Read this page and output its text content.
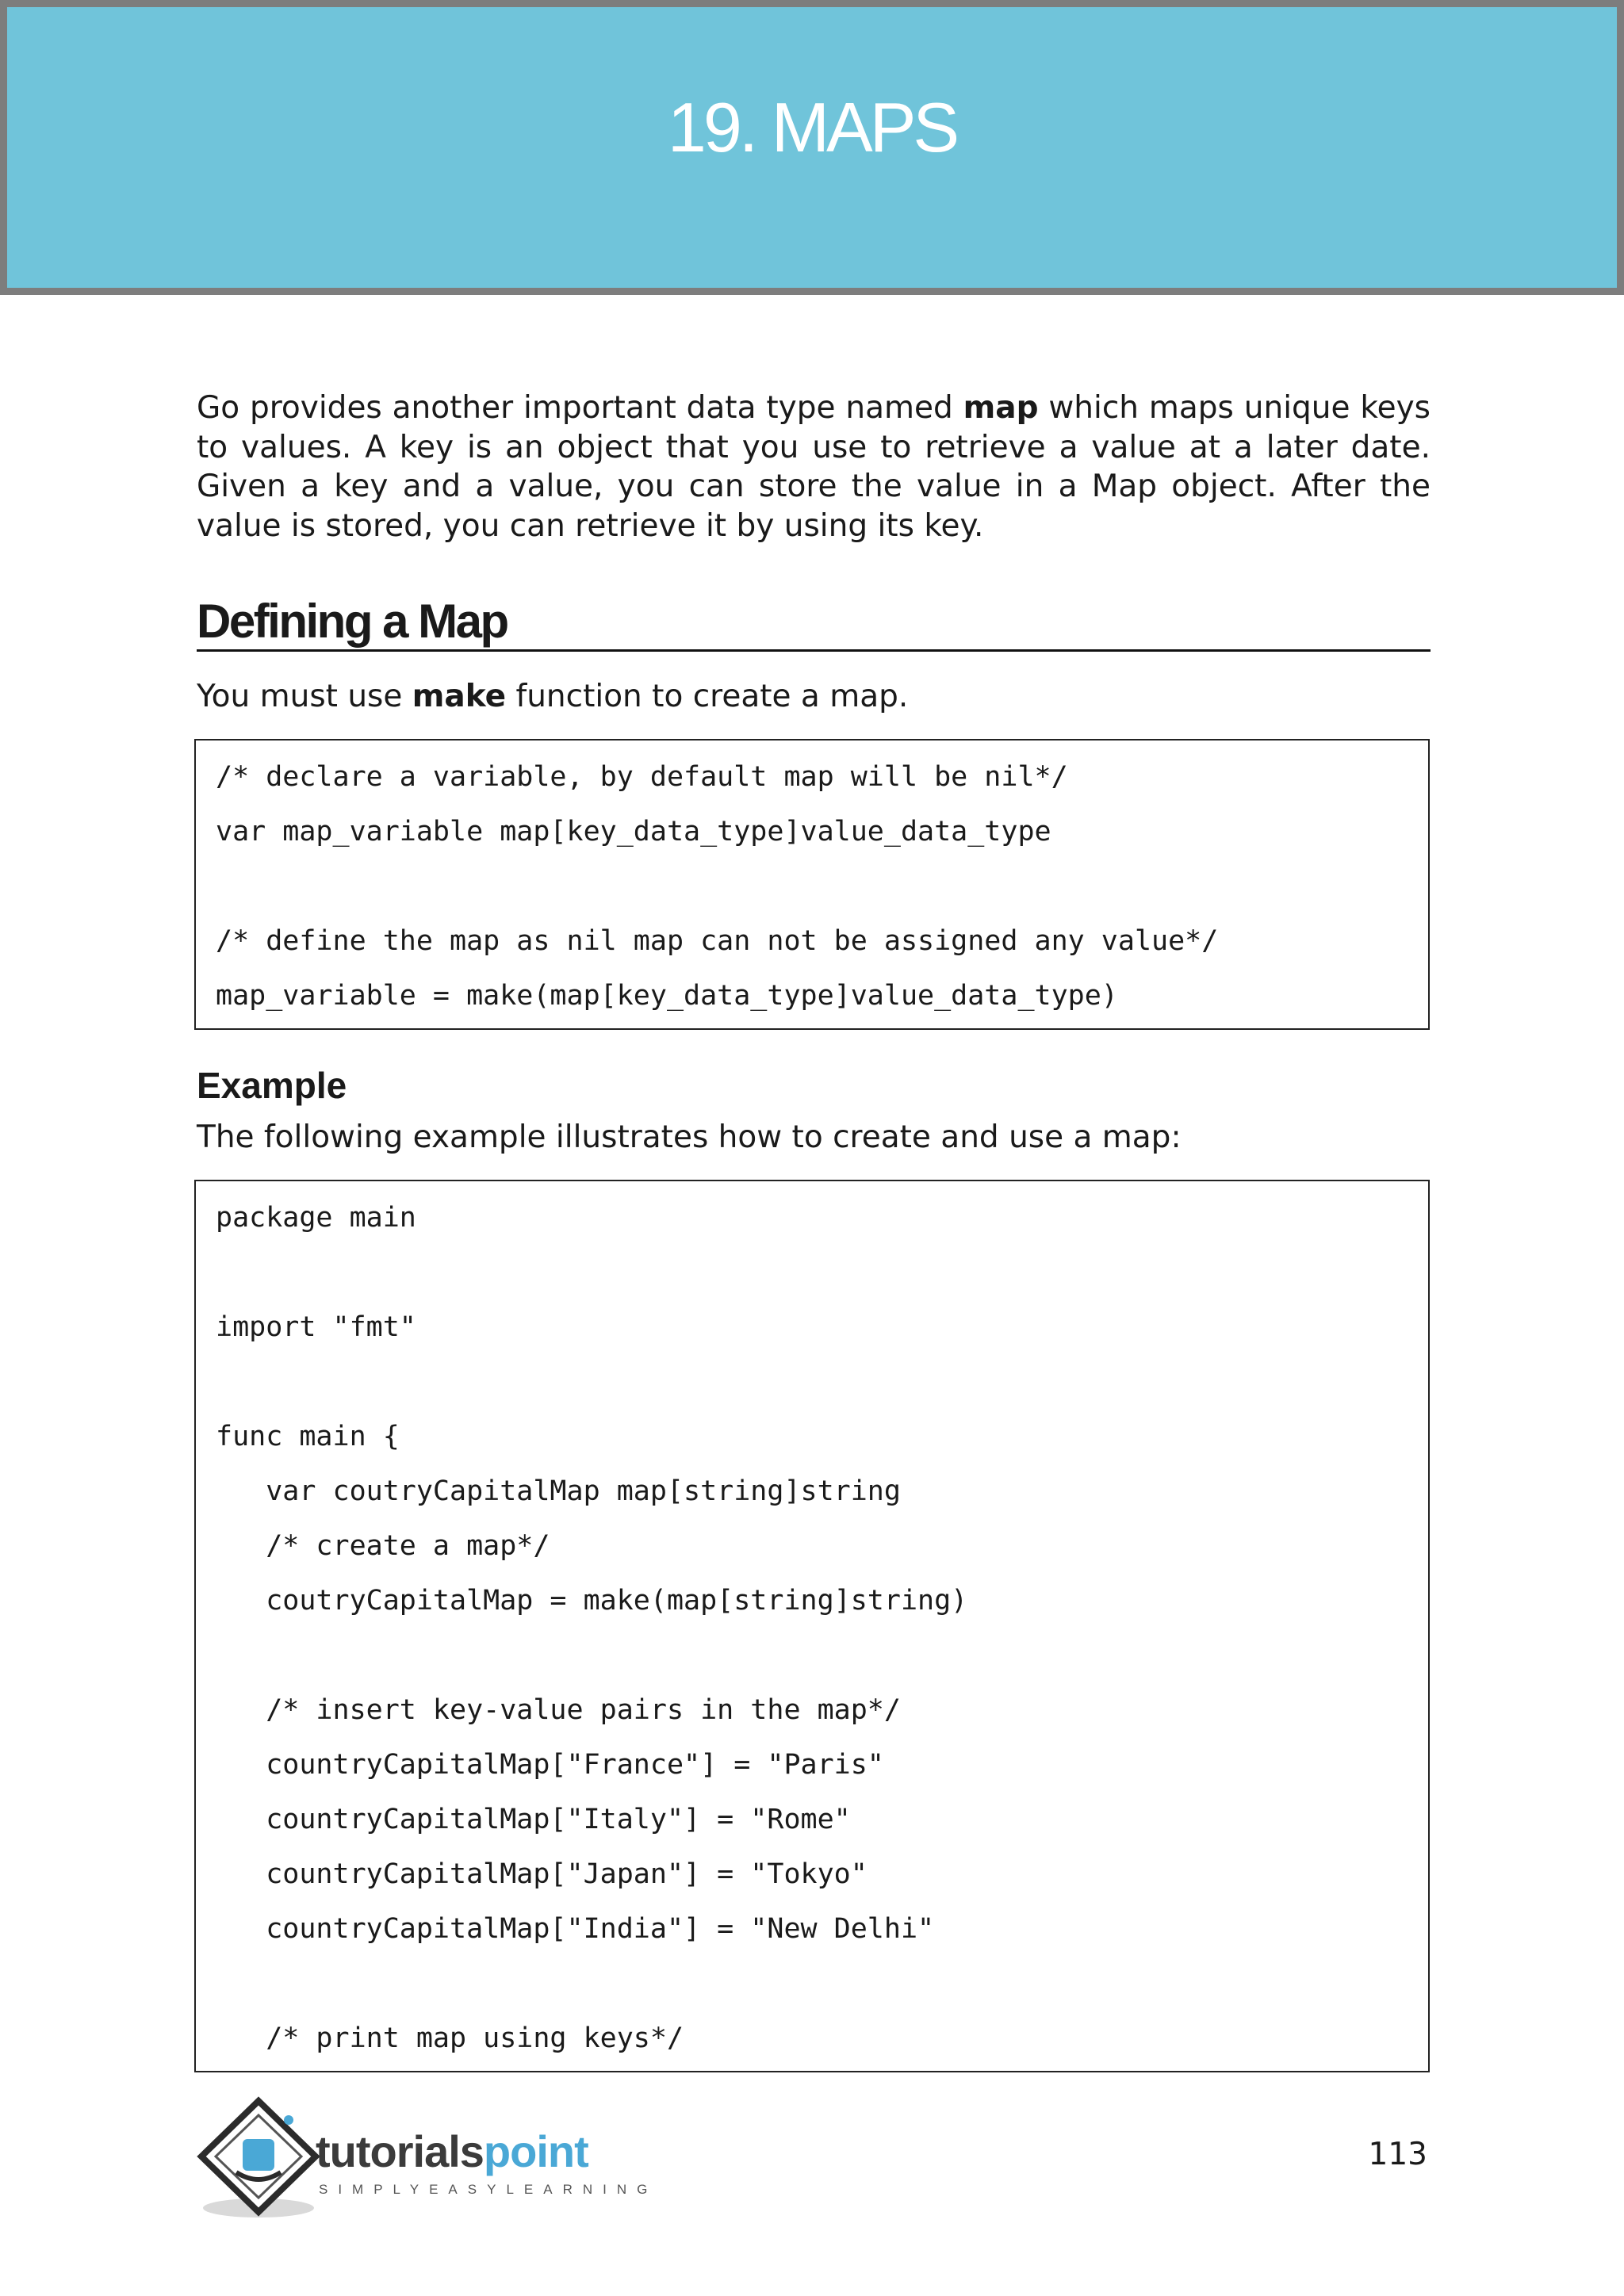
19. MAPS

Go provides another important data type named map which maps unique keys to values. A key is an object that you use to retrieve a value at a later date. Given a key and a value, you can store the value in a Map object. After the value is stored, you can retrieve it by using its key.

Defining a Map

You must use make function to create a map.

/* declare a variable, by default map will be nil*/
var map_variable map[key_data_type]value_data_type
/* define the map as nil map can not be assigned any value*/
map_variable = make(map[key_data_type]value_data_type)
Example

The following example illustrates how to create and use a map:

package main
import "fmt"
func main {
var coutryCapitalMap map[string]string
/* create a map*/
coutryCapitalMap = make(map[string]string)
/* insert key-value pairs in the map*/
countryCapitalMap["France"] = "Paris"
countryCapitalMap["Italy"] = "Rome"
countryCapitalMap["Japan"] = "Tokyo"
countryCapitalMap["India"] = "New Delhi"
/* print map using keys*/
tutorialspoint
SIMPLYEASYLEARNING
113
